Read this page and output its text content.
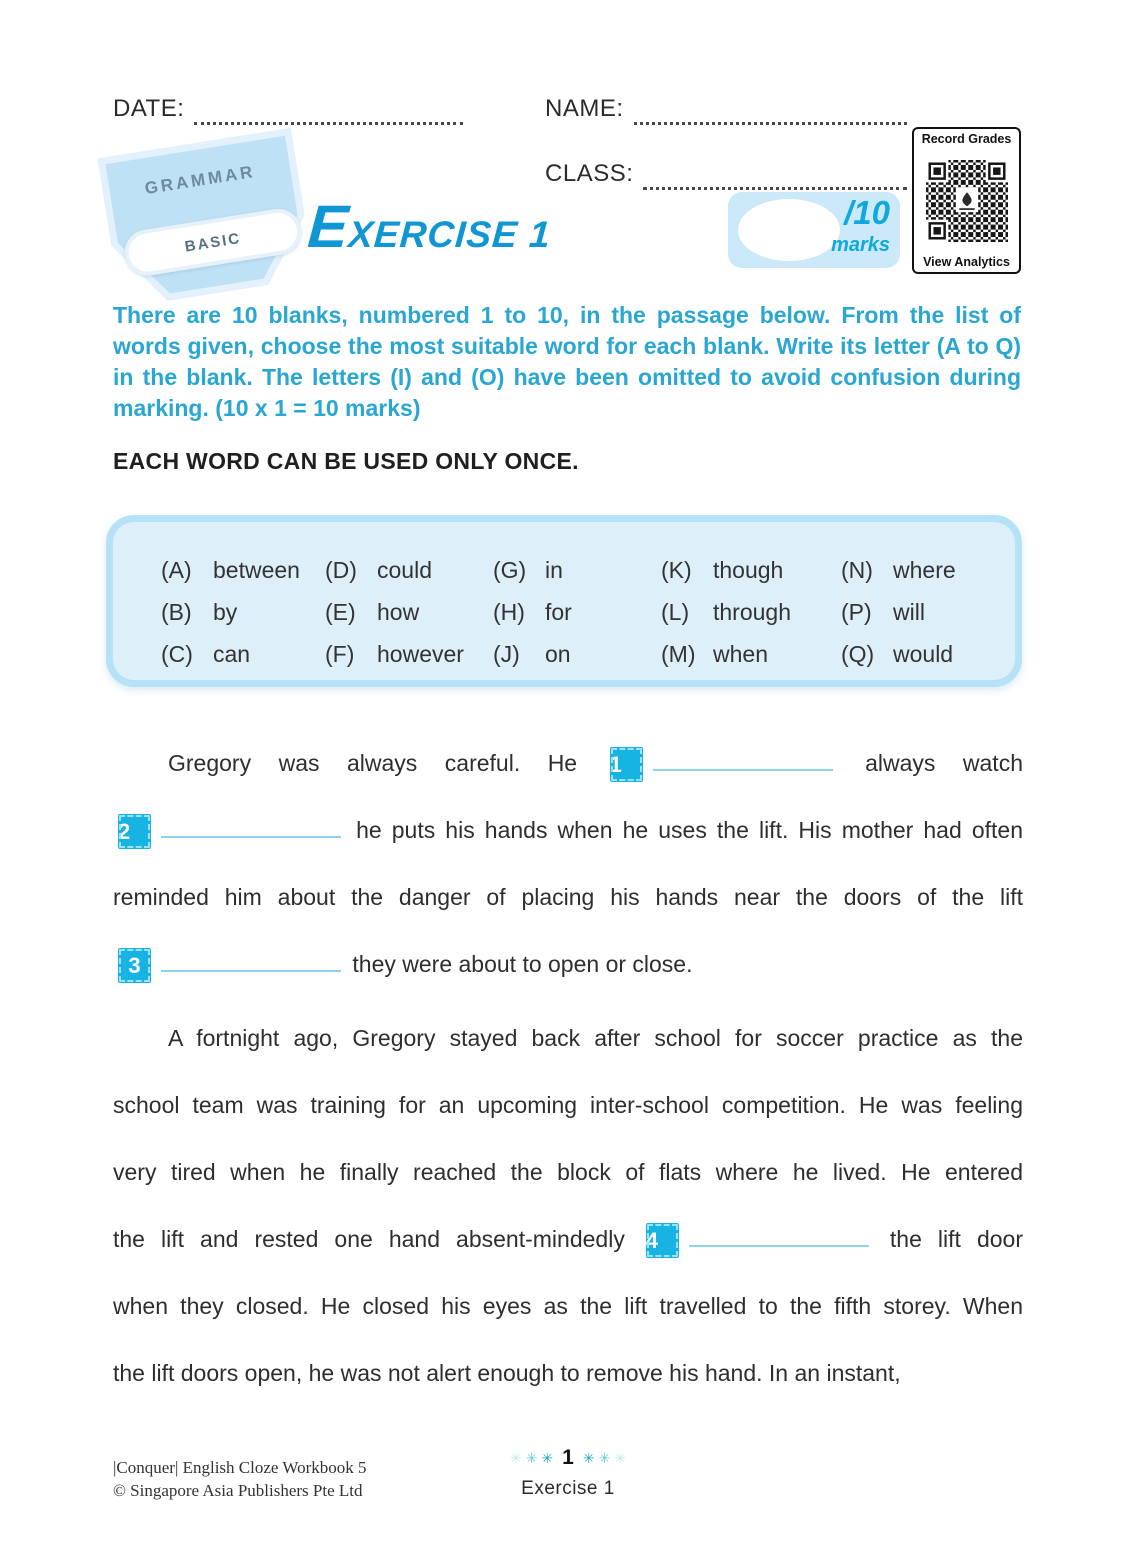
DATE:	NAME:
CLASS:
GRAMMAR
BASIC EXERCISE 1
/10
marks
Record Grades
View Analytics
There are 10 blanks, numbered 1 to 10, in the passage below. From the list of words given, choose the most suitable word for each blank. Write its letter (A to Q) in the blank. The letters (I) and (O) have been omitted to avoid confusion during marking. (10 x 1 = 10 marks)
EACH WORD CAN BE USED ONLY ONCE.
(A) between (D) could	(G) in	(K) though	(N) where
(B) by	(E) how	(H) for	(L)	through (P) will
(C) can	(F) however (J)	on	(M) when	(Q) would
Gregory was always careful. He 1	always watch
2	he puts his hands when he uses the lift. His mother had often
reminded him about the danger of placing his hands near the doors of the lift
3	they were about to open or close.
A fortnight ago, Gregory stayed back after school for soccer practice as the
school team was training for an upcoming inter-school competition. He was feeling
very tired when he finally reached the block of flats where he lived. He entered
the lift and rested one hand absent-mindedly 4	the lift door
when they closed. He closed his eyes as the lift travelled to the fifth storey. When
the lift doors open, he was not alert enough to remove his hand. In an instant,
|Conquer| English Cloze Workbook 5
© Singapore Asia Publishers Pte Ltd
✳ ✳ ✳ 1 ✳ ✳ ✳
Exercise 1
